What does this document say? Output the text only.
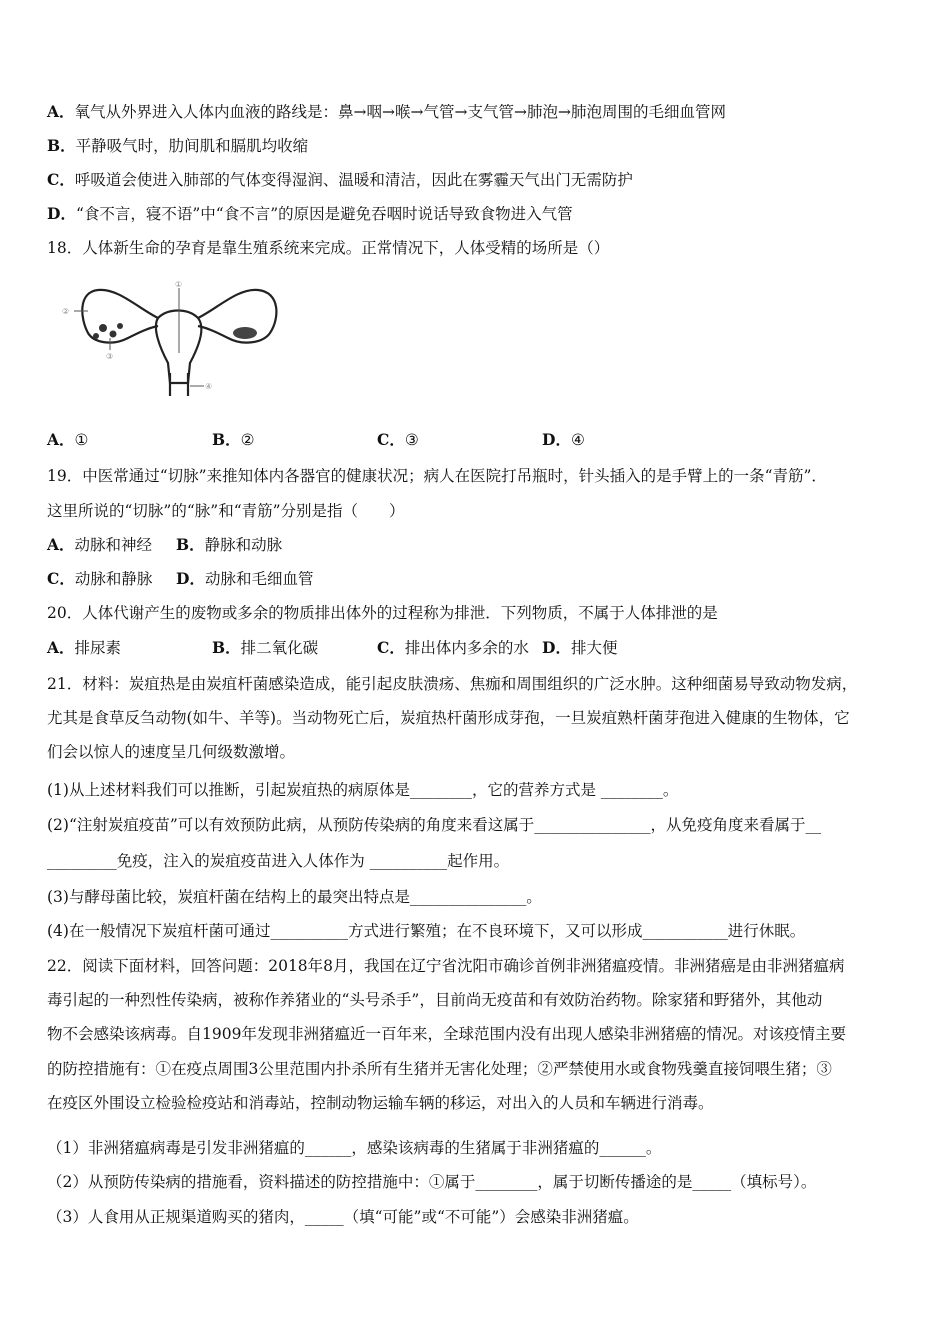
A．氧气从外界进入人体内血液的路线是：鼻→咽→喉→气管→支气管→肺泡→肺泡周围的毛细血管网
B．平静吸气时，肋间肌和膈肌均收缩
C．呼吸道会使进入肺部的气体变得湿润、温暖和清洁，因此在雾霾天气出门无需防护
D．“食不言，寝不语”中“食不言”的原因是避免吞咽时说话导致食物进入气管
18．人体新生命的孕育是靠生殖系统来完成。正常情况下，人体受精的场所是（）
①
②
③
④
A．①	B．②	C．③	D．④
19．中医常通过“切脉”来推知体内各器官的健康状况；病人在医院打吊瓶时，针头插入的是手臂上的一条“青筋”．
这里所说的“切脉”的“脉”和“青筋”分别是指（　　）
A．动脉和神经 B．静脉和动脉
C．动脉和静脉 D．动脉和毛细血管
20．人体代谢产生的废物或多余的物质排出体外的过程称为排泄．下列物质，不属于人体排泄的是
A．排尿素	B．排二氧化碳	C．排出体内多余的水 D．排大便
21．材料：炭疽热是由炭疽杆菌感染造成，能引起皮肤溃疡、焦痂和周围组织的广泛水肿。这种细菌易导致动物发病，
尤其是食草反刍动物(如牛、羊等)。当动物死亡后，炭疽热杆菌形成芽孢，一旦炭疽熟杆菌芽孢进入健康的生物体，它
们会以惊人的速度呈几何级数激增。
(1)从上述材料我们可以推断，引起炭疽热的病原体是________，它的营养方式是 ________。
(2)“注射炭疽疫苗”可以有效预防此病，从预防传染病的角度来看这属于_______________，从免疫角度来看属于__
_________免疫，注入的炭疽疫苗进入人体作为 __________起作用。
(3)与酵母菌比较，炭疽杆菌在结构上的最突出特点是_______________。
(4)在一般情况下炭疽杆菌可通过__________方式进行繁殖；在不良环境下，又可以形成___________进行休眠。
22．阅读下面材料，回答问题：2018年8月，我国在辽宁省沈阳市确诊首例非洲猪瘟疫情。非洲猪癌是由非洲猪瘟病
毒引起的一种烈性传染病，被称作养猪业的“头号杀手”，目前尚无疫苗和有效防治药物。除家猪和野猪外，其他动
物不会感染该病毒。自1909年发现非洲猪瘟近一百年来，全球范围内没有出现人感染非洲猪癌的情况。对该疫情主要
的防控措施有：①在疫点周围3公里范围内扑杀所有生猪并无害化处理；②严禁使用水或食物残羹直接饲喂生猪；③
在疫区外围设立检验检疫站和消毒站，控制动物运输车辆的移运，对出入的人员和车辆进行消毒。
（1）非洲猪瘟病毒是引发非洲猪瘟的______，感染该病毒的生猪属于非洲猪瘟的______。
（2）从预防传染病的措施看，资料描述的防控措施中：①属于________，属于切断传播途的是_____（填标号）。
（3）人食用从正规渠道购买的猪肉，_____（填“可能”或“不可能”）会感染非洲猪瘟。
